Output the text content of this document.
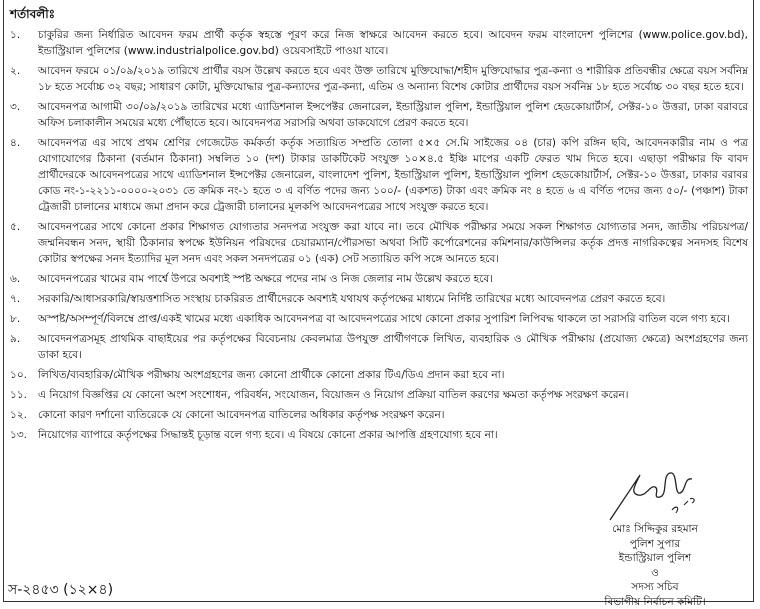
শর্তাবলীঃ
১.	চাকুরির জন্য নির্ধারিত আবেদন ফরম প্রার্থী কর্তৃক স্বহস্তে পূরণ করে নিজ স্বাক্ষরে আবেদন করতে হবে। আবেদন ফরম বাংলাদেশ পুলিশের (www.police.gov.bd), ইন্ডাস্ট্রিয়াল পুলিশের (www.industrialpolice.gov.bd) ওয়েবসাইটে পাওয়া যাবে।
২.	আবেদন ফরমে ০১/০৯/২০১৯ তারিখে প্রার্থীর বয়স উল্লেখ করতে হবে এবং উক্ত তারিখে মুক্তিযোদ্ধা/শহীদ মুক্তিযোদ্ধার পুত্র-কন্যা ও শারীরিক প্রতিবন্ধীর ক্ষেত্রে বয়স সর্বনিম্ন ১৮ হতে সর্বোচ্চ ৩২ বছর; সাধারণ কোটা, মুক্তিযোদ্ধার পুত্র-কন্যাদের পুত্র-কন্যা, এতিম ও অন্যান্য বিশেষ কোটার প্রার্থীদের বয়স সর্বনিম্ন ১৮ হতে সর্বোচ্চ ৩০ বছর হতে হবে।
৩.	আবেদনপত্র আগামী ৩০/০৯/২০১৯ তারিখের মধ্যে এ্যাডিশনাল ইন্সপেক্টর জেনারেল, ইন্ডাস্ট্রিয়াল পুলিশ, ইন্ডাস্ট্রিয়াল পুলিশ হেডকোয়ার্টার্স, সেক্টর-১০ উত্তরা, ঢাকা বরাবরে অফিস চলাকালীন সময়ের মধ্যে পৌঁছাতে হবে। আবেদনপত্র সরাসরি অথবা ডাকযোগে প্রেরণ করতে হবে।
৪.	আবেদনপত্র এর সাথে প্রথম শ্রেণির গেজেটেড কর্মকর্তা কর্তৃক সত্যায়িত সম্প্রতি তোলা ৫×৫ সে.মি সাইজের ০৪ (চার) কপি রঙ্গিন ছবি, আবেদনকারীর নাম ও পত্র যোগাযোগের ঠিকানা (বর্তমান ঠিকানা) সম্বলিত ১০ (দশ) টাকার ডাকটিকেট সংযুক্ত ১০×৪.৫ ইঞ্চি মাপের একটি ফেরত খাম দিতে হবে। এছাড়া পরীক্ষার ফি বাবদ প্রার্থীদেরকে আবেদনপত্রের সাথে এ্যাডিশনাল ইন্সপেক্টর জেনারেল, বাংলাদেশ পুলিশ, ইন্ডাস্ট্রিয়াল পুলিশ, ইন্ডাস্ট্রিয়াল পুলিশ হেডকোয়ার্টার্স, সেক্টর-১০ উত্তরা, ঢাকার বরাবর কোড নং-১-২২১১-০০০০-২০৩১ তে ক্রমিক নং-১ হতে ৩ এ বর্ণিত পদের জন্য ১০০/- (একশত) টাকা এবং ক্রমিক নং ৪ হতে ৬ এ বর্ণিত পদের জন্য ৫০/- (পঞ্চাশ) টাকা ট্রেজারী চালানের মাধ্যমে জমা প্রদান করে ট্রেজারী চালানের মূলকপি আবেদনপত্রের সাথে সংযুক্ত করতে হবে।
৫.	আবেদনপত্রের সাথে কোনো প্রকার শিক্ষাগত যোগ্যতার সনদপত্র সংযুক্ত করা যাবে না। তবে মৌখিক পরীক্ষার সময়ে সকল শিক্ষাগত যোগ্যতার সনদ, জাতীয় পরিচয়পত্র/জম্মনিবন্ধন সনদ, স্থায়ী ঠিকানার স্বপক্ষে ইউনিয়ন পরিষদের চেয়ারম্যান/পৌরসভা অথবা সিটি কর্পোরেশনের কমিশনার/কাউন্সিলর কর্তৃক প্রদত্ত নাগরিকত্বের সনদসহ বিশেষ কোটার স্বপক্ষের সনদ ইত্যাদির মূল সনদ এবং সকল সনদপত্রের ০১ (এক) সেট সত্যায়িত কপি সঙ্গে আনতে হবে।
৬.	আবেদনপত্রের খামের বাম পার্শ্বে উপরে অবশ্যই স্পষ্ট অক্ষরে পদের নাম ও নিজ জেলার নাম উল্লেখ করতে হবে।
৭.	সরকারি/আধাসরকারি/স্বায়ত্তশাসিত সংস্থায় চাকরিরত প্রার্থীদেরকে অবশ্যই যথাযথ কর্তৃপক্ষের মাধ্যমে নির্দিষ্ট তারিখের মধ্যে আবেদনপত্র প্রেরণ করতে হবে।
৮.	অস্পষ্ট/অসম্পূর্ণ/বিলম্বে প্রাপ্ত/একই খামের মধ্যে একাধিক আবেদনপত্র বা আবেদনপত্রের সাথে কোনো প্রকার সুপারিশ লিপিবদ্ধ থাকলে তা সরাসরি বাতিল বলে গণ্য হবে।
৯.	আবেদনপত্রসমূহ প্রাথমিক বাছাইয়ের পর কর্তৃপক্ষের বিবেচনায় কেবলমাত্র উপযুক্ত প্রার্থীগণকে লিখিত, ব্যবহারিক ও মৌখিক পরীক্ষায় (প্রযোজ্য ক্ষেত্রে) অংশগ্রহণের জন্য ডাকা হবে।
১০.	লিখিত/ব্যবহারিক/মৌখিক পরীক্ষায় অংশগ্রহণের জন্য কোনো প্রার্থীকে কোনো প্রকার টিএ/ডিএ প্রদান করা হবে না।
১১.	এ নিয়োগ বিজ্ঞপ্তির যে কোনো অংশ সংশোধন, পরিবর্ধন, সংযোজন, বিয়োজন ও নিয়োগ প্রক্রিয়া বাতিল করণের ক্ষমতা কর্তৃপক্ষ সংরক্ষণ করেন।
১২.	কোনো কারণ দর্শানো ব্যতিরেকে যে কোনো আবেদনপত্র বাতিলের অধিকার কর্তৃপক্ষ সংরক্ষণ করেন।
১৩.	নিয়োগের ব্যাপারে কর্তৃপক্ষের সিদ্ধান্তই চূড়ান্ত বলে গণ্য হবে। এ বিষয়ে কোনো প্রকার আপত্তি গ্রহণযোগ্য হবে না।
মোঃ সিদ্দিকুর রহমান
পুলিশ সুপার
ইন্ডাস্ট্রিয়াল পুলিশ
ও
সদস্য সচিব
বিভাগীয় নির্বাচন কমিটি।
স-২৪৫৩ (১২×৪)
